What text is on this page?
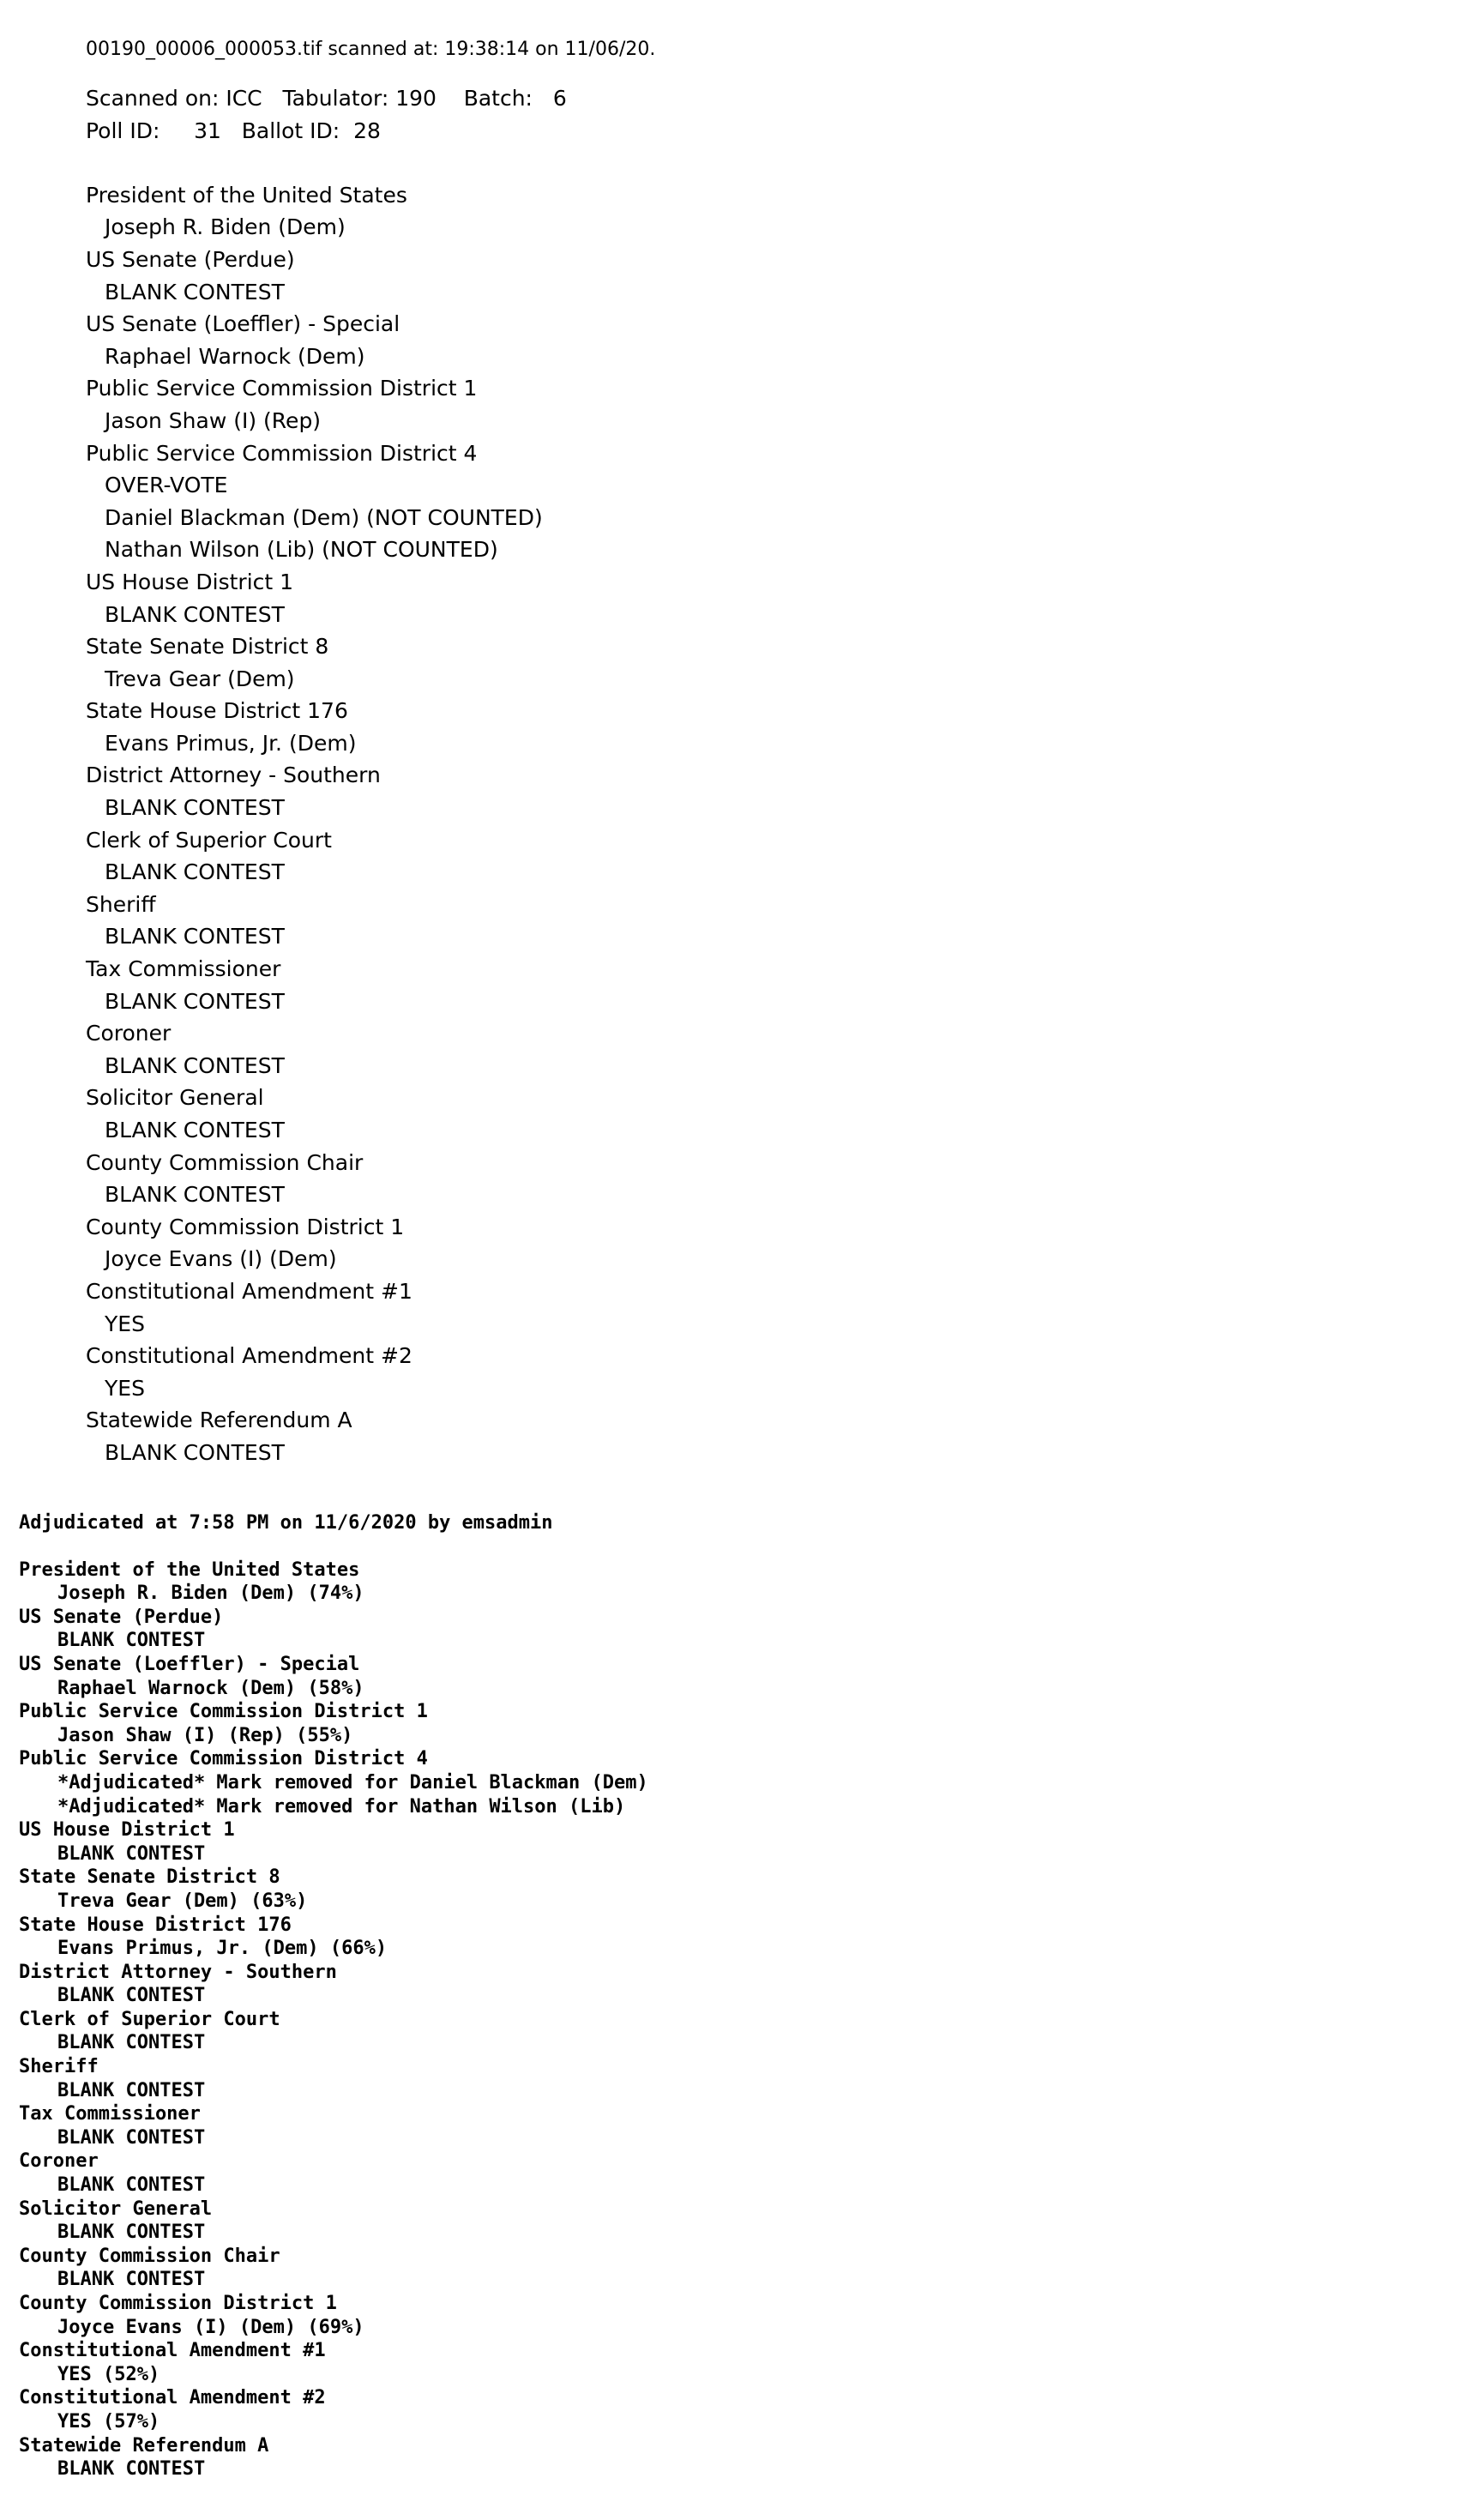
00190_00006_000053.tif scanned at: 19:38:14 on 11/06/20.
Scanned on: ICC   Tabulator: 190    Batch:   6
Poll ID:     31   Ballot ID:  28
President of the United States
Joseph R. Biden (Dem)
US Senate (Perdue)
BLANK CONTEST
US Senate (Loeffler) - Special
Raphael Warnock (Dem)
Public Service Commission District 1
Jason Shaw (I) (Rep)
Public Service Commission District 4
OVER-VOTE
Daniel Blackman (Dem) (NOT COUNTED)
Nathan Wilson (Lib) (NOT COUNTED)
US House District 1
BLANK CONTEST
State Senate District 8
Treva Gear (Dem)
State House District 176
Evans Primus, Jr. (Dem)
District Attorney - Southern
BLANK CONTEST
Clerk of Superior Court
BLANK CONTEST
Sheriff
BLANK CONTEST
Tax Commissioner
BLANK CONTEST
Coroner
BLANK CONTEST
Solicitor General
BLANK CONTEST
County Commission Chair
BLANK CONTEST
County Commission District 1
Joyce Evans (I) (Dem)
Constitutional Amendment #1
YES
Constitutional Amendment #2
YES
Statewide Referendum A
BLANK CONTEST
Adjudicated at 7:58 PM on 11/6/2020 by emsadmin
President of the United States
Joseph R. Biden (Dem) (74%)
US Senate (Perdue)
BLANK CONTEST
US Senate (Loeffler) - Special
Raphael Warnock (Dem) (58%)
Public Service Commission District 1
Jason Shaw (I) (Rep) (55%)
Public Service Commission District 4
*Adjudicated* Mark removed for Daniel Blackman (Dem)
*Adjudicated* Mark removed for Nathan Wilson (Lib)
US House District 1
BLANK CONTEST
State Senate District 8
Treva Gear (Dem) (63%)
State House District 176
Evans Primus, Jr. (Dem) (66%)
District Attorney - Southern
BLANK CONTEST
Clerk of Superior Court
BLANK CONTEST
Sheriff
BLANK CONTEST
Tax Commissioner
BLANK CONTEST
Coroner
BLANK CONTEST
Solicitor General
BLANK CONTEST
County Commission Chair
BLANK CONTEST
County Commission District 1
Joyce Evans (I) (Dem) (69%)
Constitutional Amendment #1
YES (52%)
Constitutional Amendment #2
YES (57%)
Statewide Referendum A
BLANK CONTEST
